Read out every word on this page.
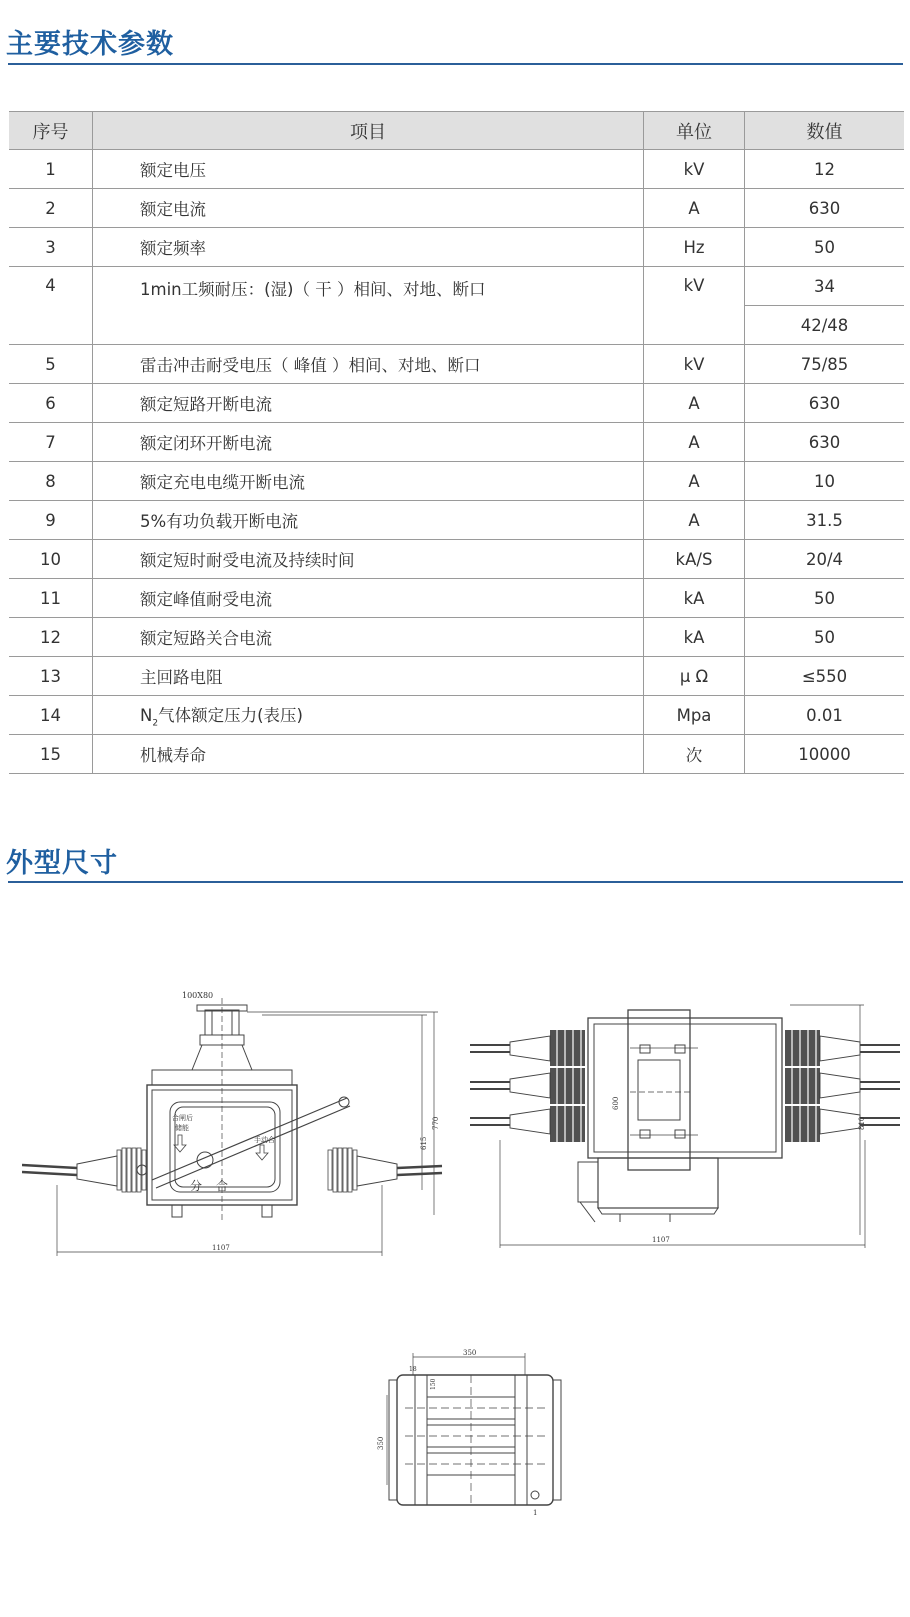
主要技术参数
序号	项目	单位	数值
1	额定电压	kV	12
2	额定电流	A	630
3	额定频率	Hz	50
4	1min工频耐压：(湿)（ 干 ）相间、对地、断口	kV	34
			42/48
5	雷击冲击耐受电压（ 峰值 ）相间、对地、断口	kV	75/85
6	额定短路开断电流	A	630
7	额定闭环开断电流	A	630
8	额定充电电缆开断电流	A	10
9	5%有功负载开断电流	A	31.5
10	额定短时耐受电流及持续时间	kA/S	20/4
11	额定峰值耐受电流	kA	50
12	额定短路关合电流	kA	50
13	主回路电阻	μ Ω	≤550
14	$N_2$气体额定压力(表压)	Mpa	0.01
15	机械寿命	次	10000
外型尺寸
100X80
合闸后
储能
手动合
分 合
1107
615
770
600
1107
810
350
18
150
350
1
